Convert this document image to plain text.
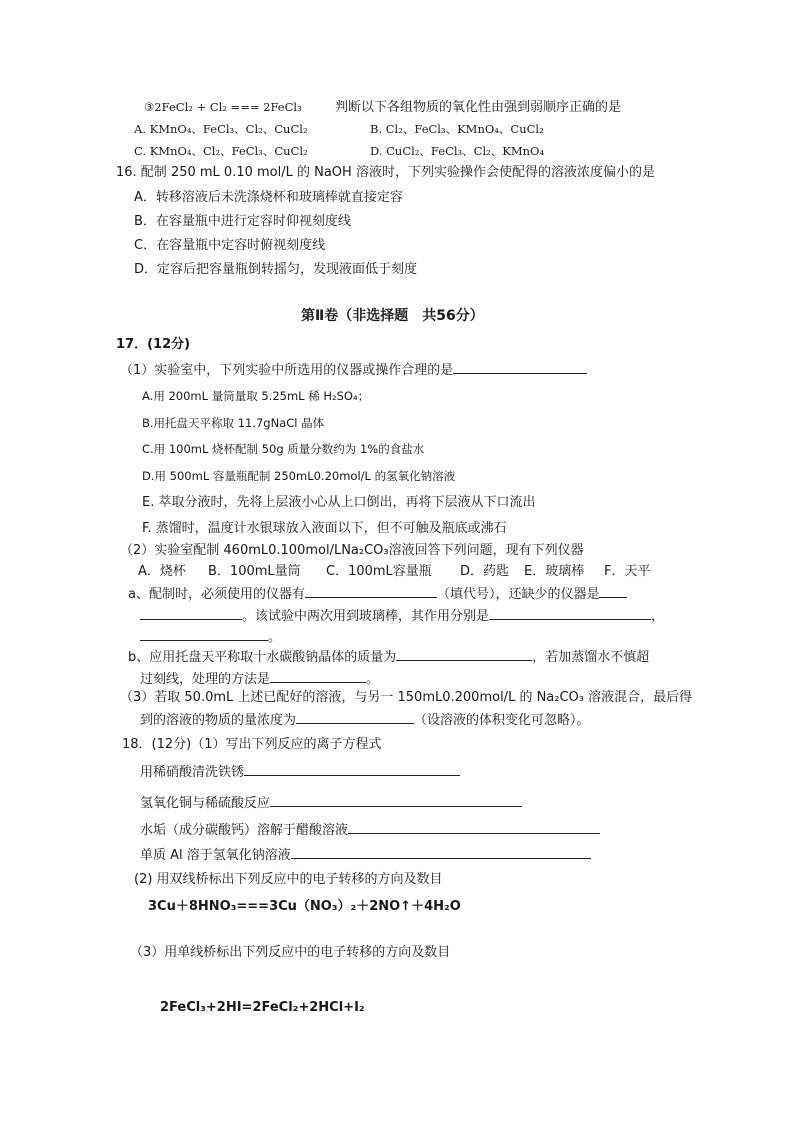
③2FeCl₂ + Cl₂ === 2FeCl₃	判断以下各组物质的氧化性由强到弱顺序正确的是
A. KMnO₄、FeCl₃、Cl₂、CuCl₂	B. Cl₂、FeCl₃、KMnO₄、CuCl₂
C. KMnO₄、Cl₂、FeCl₃、CuCl₂	D. CuCl₂、FeCl₃、Cl₂、KMnO₄
16. 配制 250 mL 0.10 mol/L 的 NaOH 溶液时，下列实验操作会使配得的溶液浓度偏小的是
A．转移溶液后未洗涤烧杯和玻璃棒就直接定容
B．在容量瓶中进行定容时仰视刻度线
C．在容量瓶中定容时俯视刻度线
D．定容后把容量瓶倒转摇匀，发现液面低于刻度
第Ⅱ卷（非选择题　共56分）
17．(12分)
（1）实验室中，下列实验中所选用的仪器或操作合理的是
A.用 200mL 量筒量取 5.25mL 稀 H₂SO₄；
B.用托盘天平称取 11.7gNaCl 晶体
C.用 100mL 烧杯配制 50g 质量分数约为 1%的食盐水
D.用 500mL 容量瓶配制 250mL0.20mol/L 的氢氧化钠溶液
E. 萃取分液时，先将上层液小心从上口倒出，再将下层液从下口流出
F. 蒸馏时，温度计水银球放入液面以下，但不可触及瓶底或沸石
（2）实验室配制 460mL0.100mol/LNa₂CO₃溶液回答下列问题，现有下列仪器
A．烧杯 B．100mL量筒 C．100mL容量瓶 D．药匙 E．玻璃棒 F．天平
a、配制时，必须使用的仪器有	（填代号），还缺少的仪器是
。该试验中两次用到玻璃棒，其作用分别是	，
。
b、应用托盘天平称取十水碳酸钠晶体的质量为	，若加蒸馏水不慎超
过刻线，处理的方法是	。
（3）若取 50.0mL 上述已配好的溶液，与另一 150mL0.200mol/L 的 Na₂CO₃ 溶液混合，最后得
到的溶液的物质的量浓度为	（设溶液的体积变化可忽略）。
18．(12分)（1）写出下列反应的离子方程式
用稀硝酸清洗铁锈
氢氧化铜与稀硫酸反应
水垢（成分碳酸钙）溶解于醋酸溶液
单质 Al 溶于氢氧化钠溶液
(2) 用双线桥标出下列反应中的电子转移的方向及数目
3Cu＋8HNO₃===3Cu（NO₃）₂＋2NO↑＋4H₂O
（3）用单线桥标出下列反应中的电子转移的方向及数目
2FeCl₃+2HI=2FeCl₂+2HCl+I₂
